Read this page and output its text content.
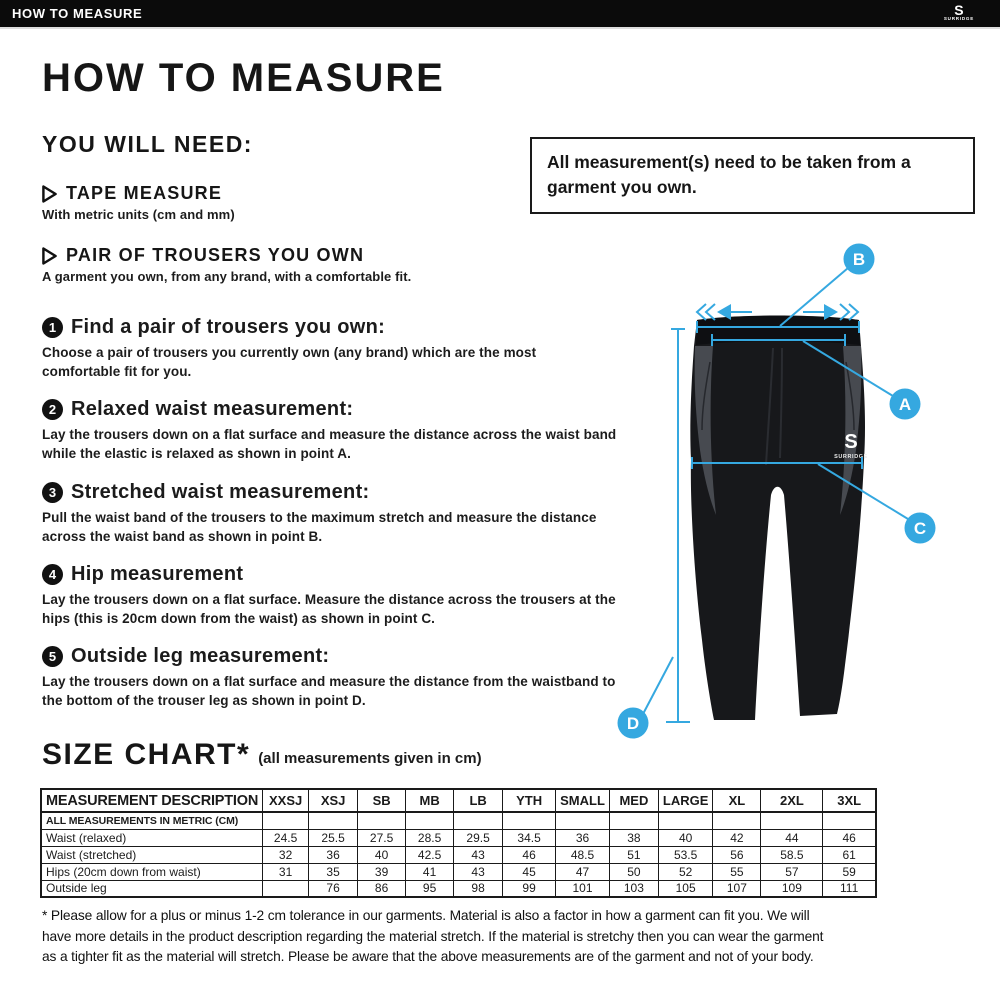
HOW TO MEASURE	S
SURRIDGE
HOW TO MEASURE
YOU WILL NEED:
TAPE MEASURE
With metric units (cm and mm)
PAIR OF TROUSERS YOU OWN
A garment you own, from any brand, with a comfortable fit.
All measurement(s) need to be taken from a garment you own.
1 Find a pair of trousers you own:
Choose a pair of trousers you currently own (any brand) which are the most comfortable fit for you.
2 Relaxed waist measurement:
Lay the trousers down on a flat surface and measure the distance across the waist band while the elastic is relaxed as shown in point A.
3 Stretched waist measurement:
Pull the waist band of the trousers to the maximum stretch and measure the distance across the waist band as shown in point B.
4 Hip measurement
Lay the trousers down on a flat surface. Measure the distance across the trousers at the hips (this is 20cm down from the waist) as shown in point C.
5 Outside leg measurement:
Lay the trousers down on a flat surface and measure the distance from the waistband to the bottom of the trouser leg as shown in point D.
S
SURRIDGE
B
A
C
D
SIZE CHART* (all measurements given in cm)
MEASUREMENT DESCRIPTION	XXSJ	XSJ	SB	MB	LB	YTH	SMALL	MED	LARGE	XL	2XL	3XL
ALL MEASUREMENTS IN METRIC (CM)												
Waist (relaxed)	24.5	25.5	27.5	28.5	29.5	34.5	36	38	40	42	44	46
Waist (stretched)	32	36	40	42.5	43	46	48.5	51	53.5	56	58.5	61
Hips (20cm down from waist)	31	35	39	41	43	45	47	50	52	55	57	59
Outside leg		76	86	95	98	99	101	103	105	107	109	111
* Please allow for a plus or minus 1-2 cm tolerance in our garments. Material is also a factor in how a garment can fit you. We will have more details in the product description regarding the material stretch. If the material is stretchy then you can wear the garment as a tighter fit as the material will stretch. Please be aware that the above measurements are of the garment and not of your body.
